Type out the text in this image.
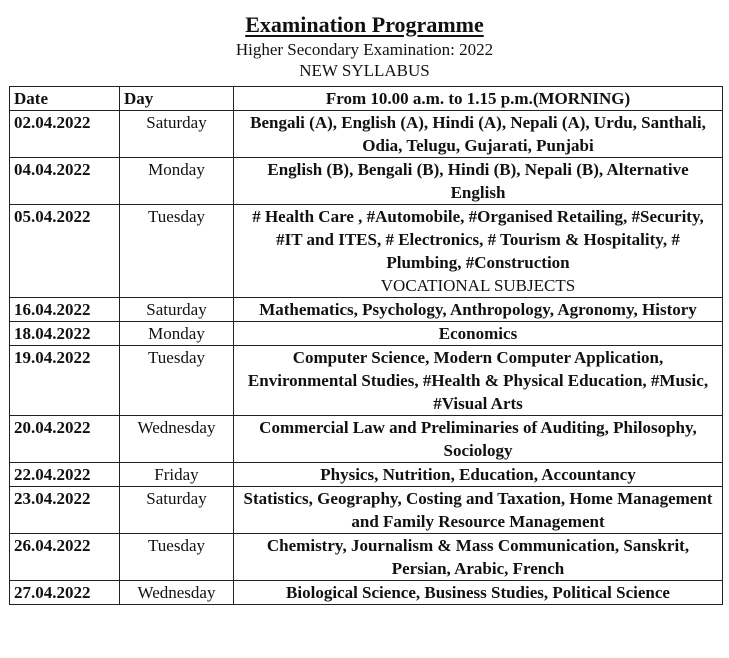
Examination Programme
Higher Secondary Examination: 2022
NEW SYLLABUS
Date	Day	From 10.00 a.m. to 1.15 p.m.(MORNING)
02.04.2022	Saturday	Bengali (A), English (A), Hindi (A), Nepali (A), Urdu, Santhali, Odia, Telugu, Gujarati, Punjabi
04.04.2022	Monday	English (B), Bengali (B), Hindi (B), Nepali (B), Alternative English
05.04.2022	Tuesday	# Health Care , #Automobile, #Organised Retailing, #Security, #IT and ITES, # Electronics, # Tourism & Hospitality, # Plumbing, #Construction
VOCATIONAL SUBJECTS

16.04.2022	Saturday	Mathematics, Psychology, Anthropology, Agronomy, History
18.04.2022	Monday	Economics
19.04.2022	Tuesday	Computer Science, Modern Computer Application, Environmental Studies, #Health & Physical Education, #Music, #Visual Arts
20.04.2022	Wednesday	Commercial Law and Preliminaries of Auditing, Philosophy, Sociology
22.04.2022	Friday	Physics, Nutrition, Education, Accountancy
23.04.2022	Saturday	Statistics, Geography, Costing and Taxation, Home Management and Family Resource Management
26.04.2022	Tuesday	Chemistry, Journalism & Mass Communication, Sanskrit, Persian, Arabic, French
27.04.2022	Wednesday	Biological Science, Business Studies, Political Science
